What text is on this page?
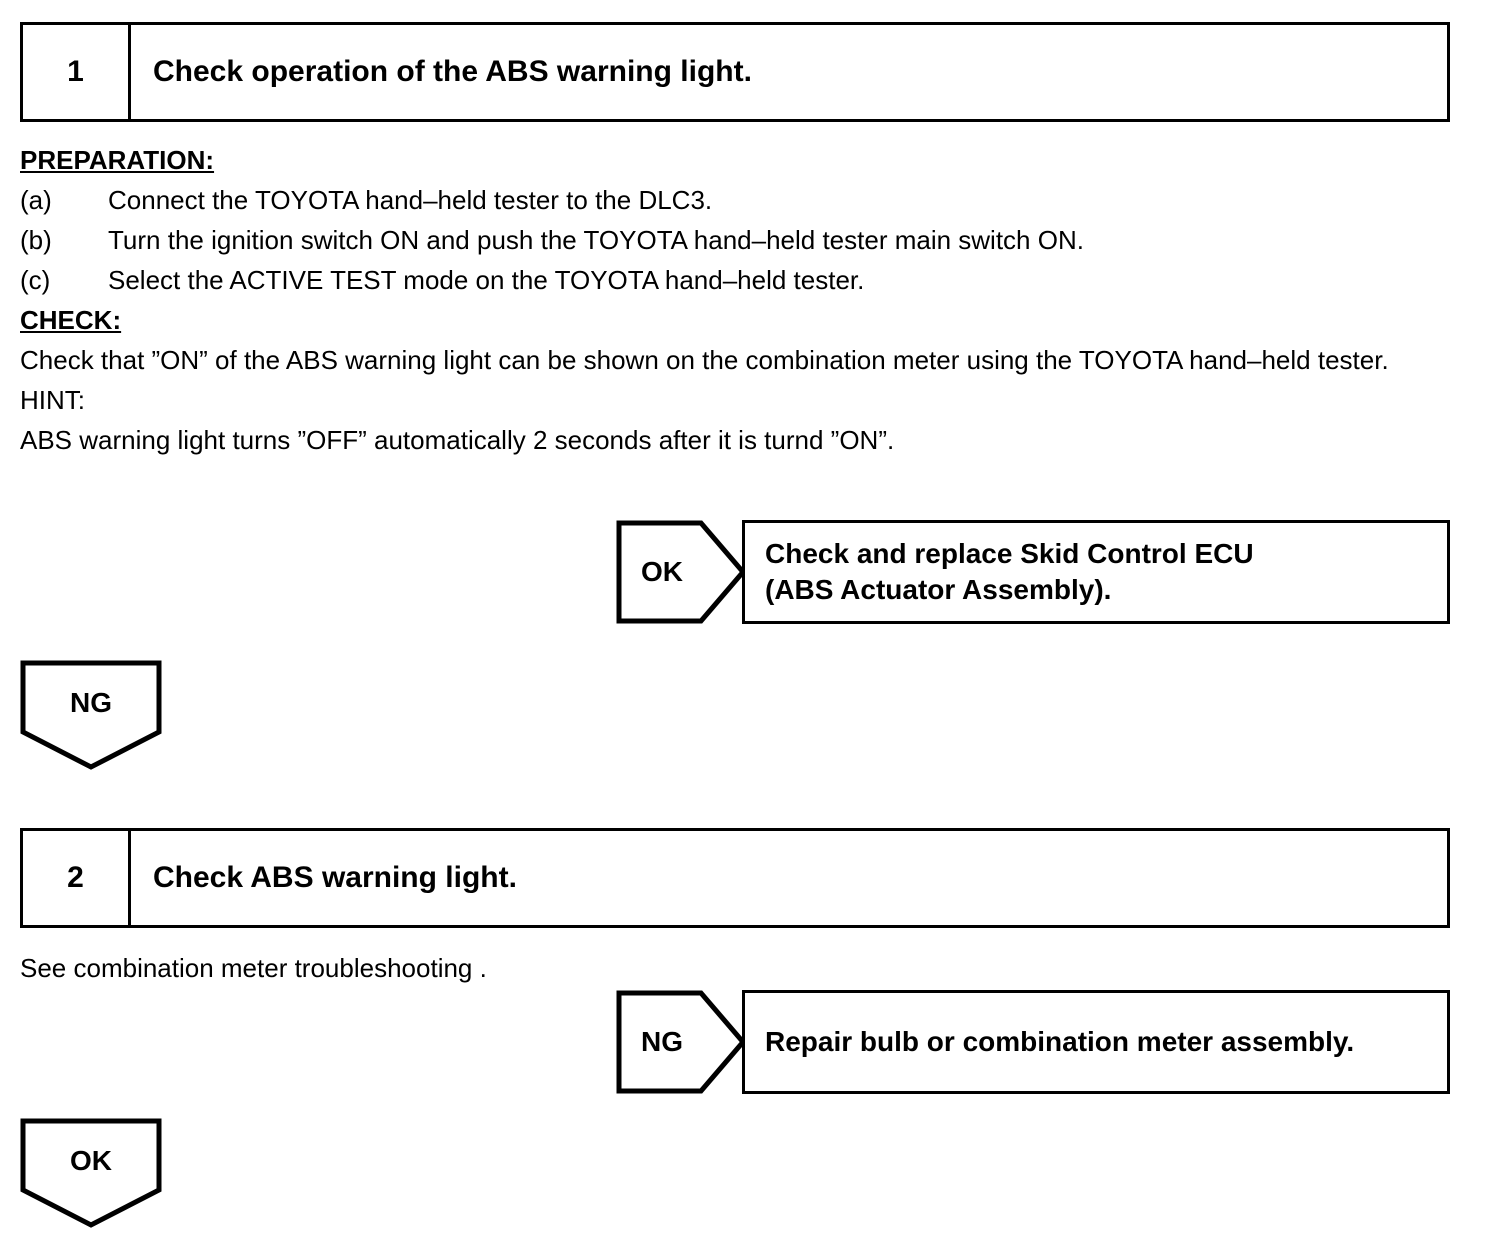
1	Check operation of the ABS warning light.
PREPARATION:
(a) Connect the TOYOTA hand–held tester to the DLC3.
(b) Turn the ignition switch ON and push the TOYOTA hand–held tester main switch ON.
(c) Select the ACTIVE TEST mode on the TOYOTA hand–held tester.
CHECK:
Check that ”ON” of the ABS warning light can be shown on the combination meter using the TOYOTA hand–held tester.
HINT:
ABS warning light turns ”OFF” automatically 2 seconds after it is turnd ”ON”.
OK
Check and replace Skid Control ECU
(ABS Actuator Assembly).
NG
2	Check ABS warning light.
See combination meter troubleshooting .
NG	Repair bulb or combination meter assembly.
OK
